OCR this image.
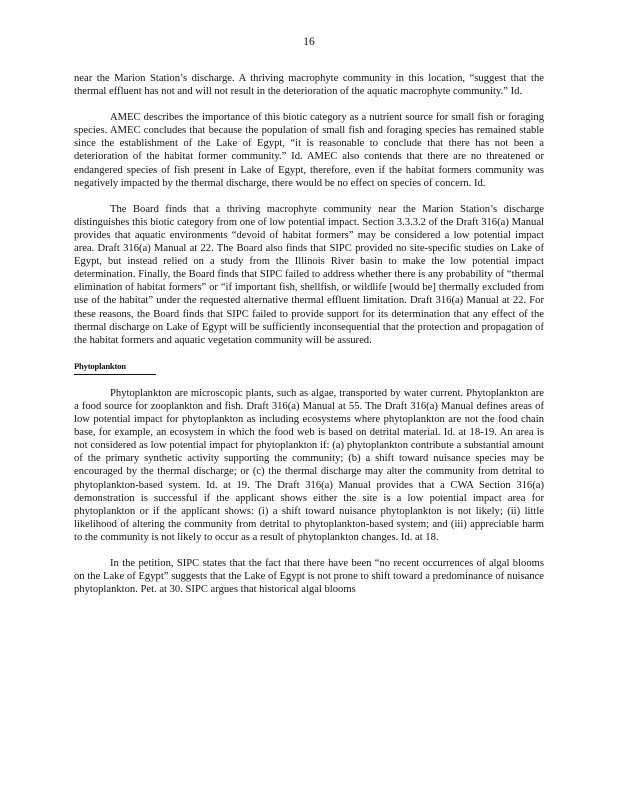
16

near the Marion Station’s discharge. A thriving macrophyte community in this location, “suggest that the thermal effluent has not and will not result in the deterioration of the aquatic macrophyte community.” Id.

AMEC describes the importance of this biotic category as a nutrient source for small fish or foraging species. AMEC concludes that because the population of small fish and foraging species has remained stable since the establishment of the Lake of Egypt, “it is reasonable to conclude that there has not been a deterioration of the habitat former community.” Id. AMEC also contends that there are no threatened or endangered species of fish present in Lake of Egypt, therefore, even if the habitat formers community was negatively impacted by the thermal discharge, there would be no effect on species of concern. Id.

The Board finds that a thriving macrophyte community near the Marion Station’s discharge distinguishes this biotic category from one of low potential impact. Section 3.3.3.2 of the Draft 316(a) Manual provides that aquatic environments “devoid of habitat formers” may be considered a low potential impact area. Draft 316(a) Manual at 22. The Board also finds that SIPC provided no site-specific studies on Lake of Egypt, but instead relied on a study from the Illinois River basin to make the low potential impact determination. Finally, the Board finds that SIPC failed to address whether there is any probability of “thermal elimination of habitat formers” or “if important fish, shellfish, or wildlife [would be] thermally excluded from use of the habitat” under the requested alternative thermal effluent limitation. Draft 316(a) Manual at 22. For these reasons, the Board finds that SIPC failed to provide support for its determination that any effect of the thermal discharge on Lake of Egypt will be sufficiently inconsequential that the protection and propagation of the habitat formers and aquatic vegetation community will be assured.

Phytoplankton

Phytoplankton are microscopic plants, such as algae, transported by water current. Phytoplankton are a food source for zooplankton and fish. Draft 316(a) Manual at 55. The Draft 316(a) Manual defines areas of low potential impact for phytoplankton as including ecosystems where phytoplankton are not the food chain base, for example, an ecosystem in which the food web is based on detrital material. Id. at 18-19. An area is not considered as low potential impact for phytoplankton if: (a) phytoplankton contribute a substantial amount of the primary synthetic activity supporting the community; (b) a shift toward nuisance species may be encouraged by the thermal discharge; or (c) the thermal discharge may alter the community from detrital to phytoplankton-based system. Id. at 19. The Draft 316(a) Manual provides that a CWA Section 316(a) demonstration is successful if the applicant shows either the site is a low potential impact area for phytoplankton or if the applicant shows: (i) a shift toward nuisance phytoplankton is not likely; (ii) little likelihood of altering the community from detrital to phytoplankton-based system; and (iii) appreciable harm to the community is not likely to occur as a result of phytoplankton changes. Id. at 18.

In the petition, SIPC states that the fact that there have been “no recent occurrences of algal blooms on the Lake of Egypt” suggests that the Lake of Egypt is not prone to shift toward a predominance of nuisance phytoplankton. Pet. at 30. SIPC argues that historical algal blooms
